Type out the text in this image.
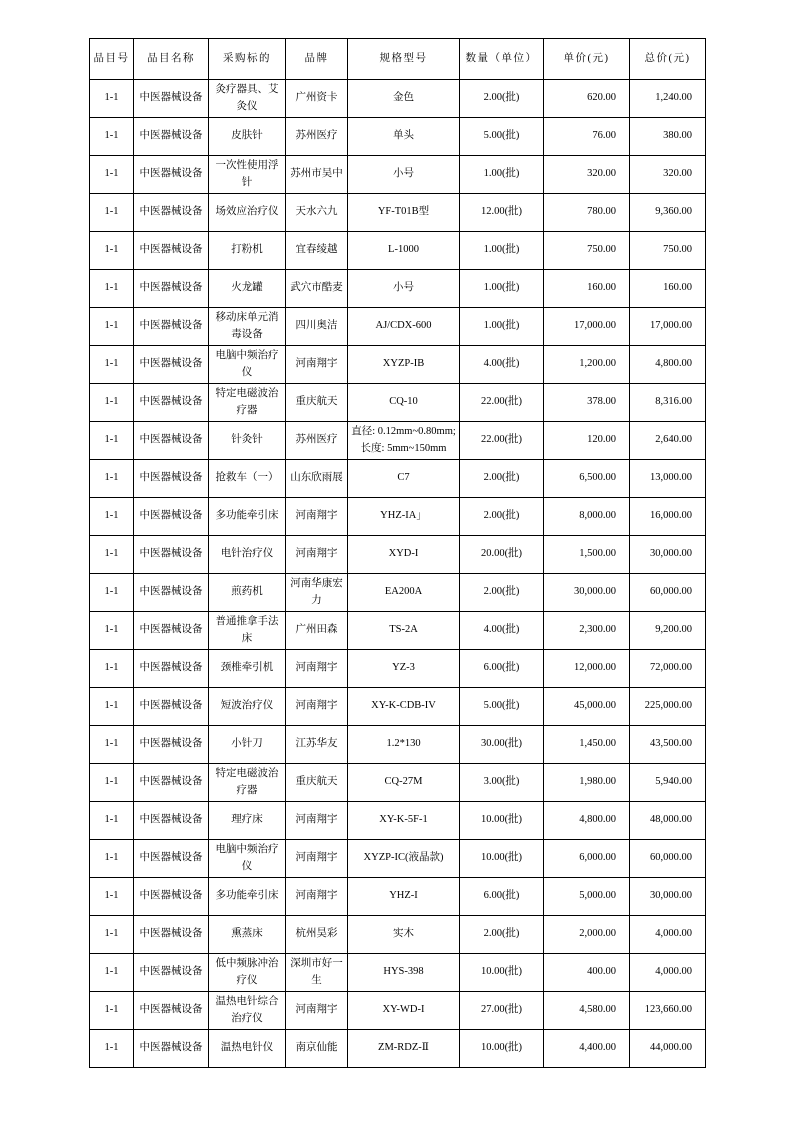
品目号	品目名称	采购标的	品牌	规格型号	数量（单位）	单价(元)	总价(元)
1-1	中医器械设备	灸疗器具、艾灸仪	广州资卡	金色	2.00(批)	620.00	1,240.00
1-1	中医器械设备	皮肤针	苏州医疗	单头	5.00(批)	76.00	380.00
1-1	中医器械设备	一次性使用浮针	苏州市吴中	小号	1.00(批)	320.00	320.00
1-1	中医器械设备	场效应治疗仪	天水六九	YF-T01B型	12.00(批)	780.00	9,360.00
1-1	中医器械设备	打粉机	宜春绫越	L-1000	1.00(批)	750.00	750.00
1-1	中医器械设备	火龙罐	武穴市酷麦	小号	1.00(批)	160.00	160.00
1-1	中医器械设备	移动床单元消毒设备	四川奥洁	AJ/CDX-600	1.00(批)	17,000.00	17,000.00
1-1	中医器械设备	电脑中频治疗仪	河南翔宇	XYZP-IB	4.00(批)	1,200.00	4,800.00
1-1	中医器械设备	特定电磁波治疗器	重庆航天	CQ-10	22.00(批)	378.00	8,316.00
1-1	中医器械设备	针灸针	苏州医疗	直径: 0.12mm~0.80mm; 长度: 5mm~150mm	22.00(批)	120.00	2,640.00
1-1	中医器械设备	抢救车（一）	山东欣雨展	C7	2.00(批)	6,500.00	13,000.00
1-1	中医器械设备	多功能牵引床	河南翔宇	YHZ-IA」	2.00(批)	8,000.00	16,000.00
1-1	中医器械设备	电针治疗仪	河南翔宇	XYD-I	20.00(批)	1,500.00	30,000.00
1-1	中医器械设备	煎药机	河南华康宏力	EA200A	2.00(批)	30,000.00	60,000.00
1-1	中医器械设备	普通推拿手法床	广州田森	TS-2A	4.00(批)	2,300.00	9,200.00
1-1	中医器械设备	颈椎牵引机	河南翔宇	YZ-3	6.00(批)	12,000.00	72,000.00
1-1	中医器械设备	短波治疗仪	河南翔宇	XY-K-CDB-IV	5.00(批)	45,000.00	225,000.00
1-1	中医器械设备	小针刀	江苏华友	1.2*130	30.00(批)	1,450.00	43,500.00
1-1	中医器械设备	特定电磁波治疗器	重庆航天	CQ-27M	3.00(批)	1,980.00	5,940.00
1-1	中医器械设备	理疗床	河南翔宇	XY-K-5F-1	10.00(批)	4,800.00	48,000.00
1-1	中医器械设备	电脑中频治疗仪	河南翔宇	XYZP-IC(液晶款)	10.00(批)	6,000.00	60,000.00
1-1	中医器械设备	多功能牵引床	河南翔宇	YHZ-I	6.00(批)	5,000.00	30,000.00
1-1	中医器械设备	熏蒸床	杭州昊彩	实木	2.00(批)	2,000.00	4,000.00
1-1	中医器械设备	低中频脉冲治疗仪	深圳市好一生	HYS-398	10.00(批)	400.00	4,000.00
1-1	中医器械设备	温热电针综合治疗仪	河南翔宇	XY-WD-I	27.00(批)	4,580.00	123,660.00
1-1	中医器械设备	温热电针仪	南京仙能	ZM-RDZ-Ⅱ	10.00(批)	4,400.00	44,000.00
